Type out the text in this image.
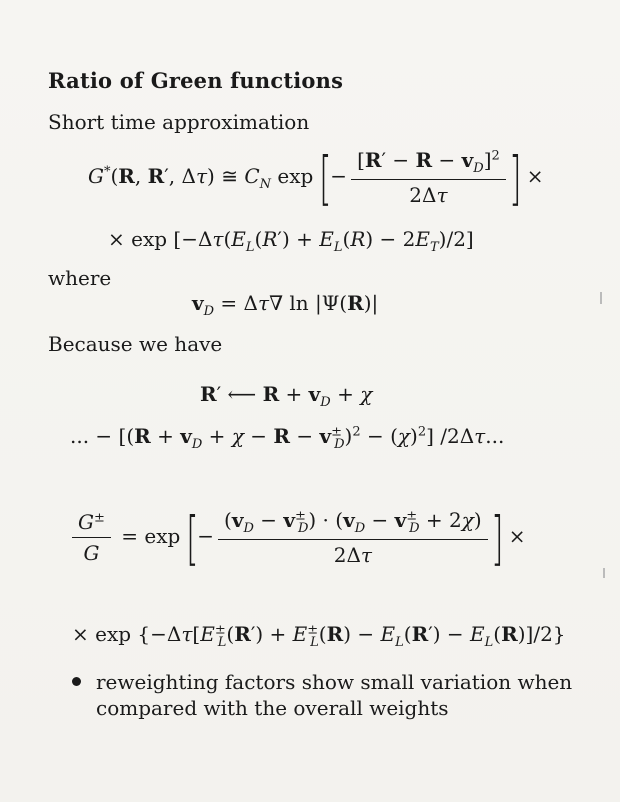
Ratio of Green functions
Short time approximation
G*(R, R′, Δτ) ≅ $C_N$ exp [− $\frac{[R' - R - v_D]^2}{2\Delta\tau}$ ] ×
× $\exp [-\Delta\tau(E_L(R') + E_L(R) - 2E_T)/2]$
where
$v_D = \Delta\tau\nabla$ ln |Ψ(R)|
Because we have
R′ ⟵ $R + v_D + \chi$
... − $[(R + v_D + \chi - R - v^\pm_D)^2 - (\chi)^2]$ /2Δτ...
$\frac{G^\pm}{G} = \exp$ [− $\frac{(v_D - v^\pm_D) \cdot (v_D - v^\pm_D + 2\chi)}{2\Delta\tau}$ ] ×
× $\exp \{-\Delta\tau[E^\pm_L(R') + E^\pm_L(R) - E_L(R') - E_L(R)]/2\}$
reweighting factors show small variation when
compared with the overall weights
